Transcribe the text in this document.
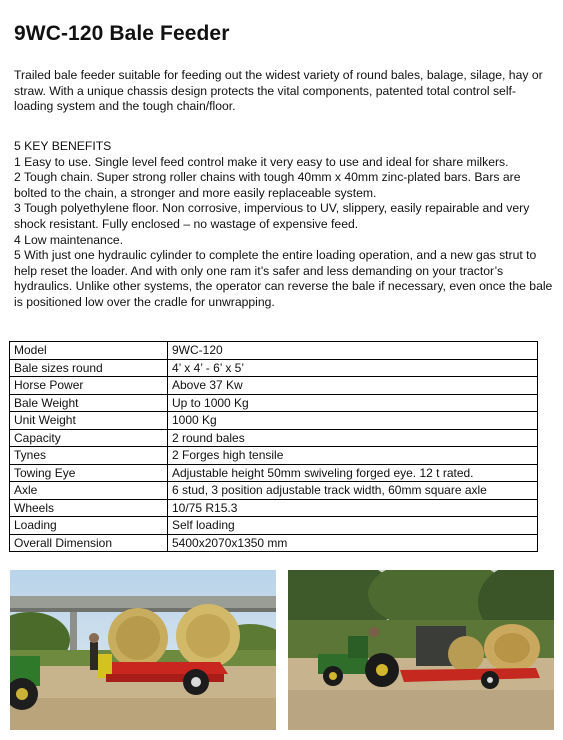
9WC-120 Bale Feeder

Trailed bale feeder suitable for feeding out the widest variety of round bales, balage, silage, hay or straw. With a unique chassis design protects the vital components, patented total control self-loading system and the tough chain/floor.

5 KEY BENEFITS

1 Easy to use. Single level feed control make it very easy to use and ideal for share milkers.

2 Tough chain. Super strong roller chains with tough 40mm x 40mm zinc-plated bars. Bars are bolted to the chain, a stronger and more easily replaceable system.

3 Tough polyethylene floor. Non corrosive, impervious to UV, slippery, easily repairable and very shock resistant. Fully enclosed – no wastage of expensive feed.

4 Low maintenance.

5 With just one hydraulic cylinder to complete the entire loading operation, and a new gas strut to help reset the loader. And with only one ram it’s safer and less demanding on your tractor’s hydraulics. Unlike other systems, the operator can reverse the bale if necessary, even once the bale is positioned low over the cradle for unwrapping.

Model	9WC-120
Bale sizes round	4’ x 4’ - 6’ x 5’
Horse Power	Above 37 Kw
Bale Weight	Up to 1000 Kg
Unit Weight	1000 Kg
Capacity	2 round bales
Tynes	2 Forges high tensile
Towing Eye	Adjustable height 50mm swiveling forged eye. 12 t rated.
Axle	6 stud, 3 position adjustable track width, 60mm square axle
Wheels	10/75 R15.3
Loading	Self loading
Overall Dimension	5400x2070x1350 mm
